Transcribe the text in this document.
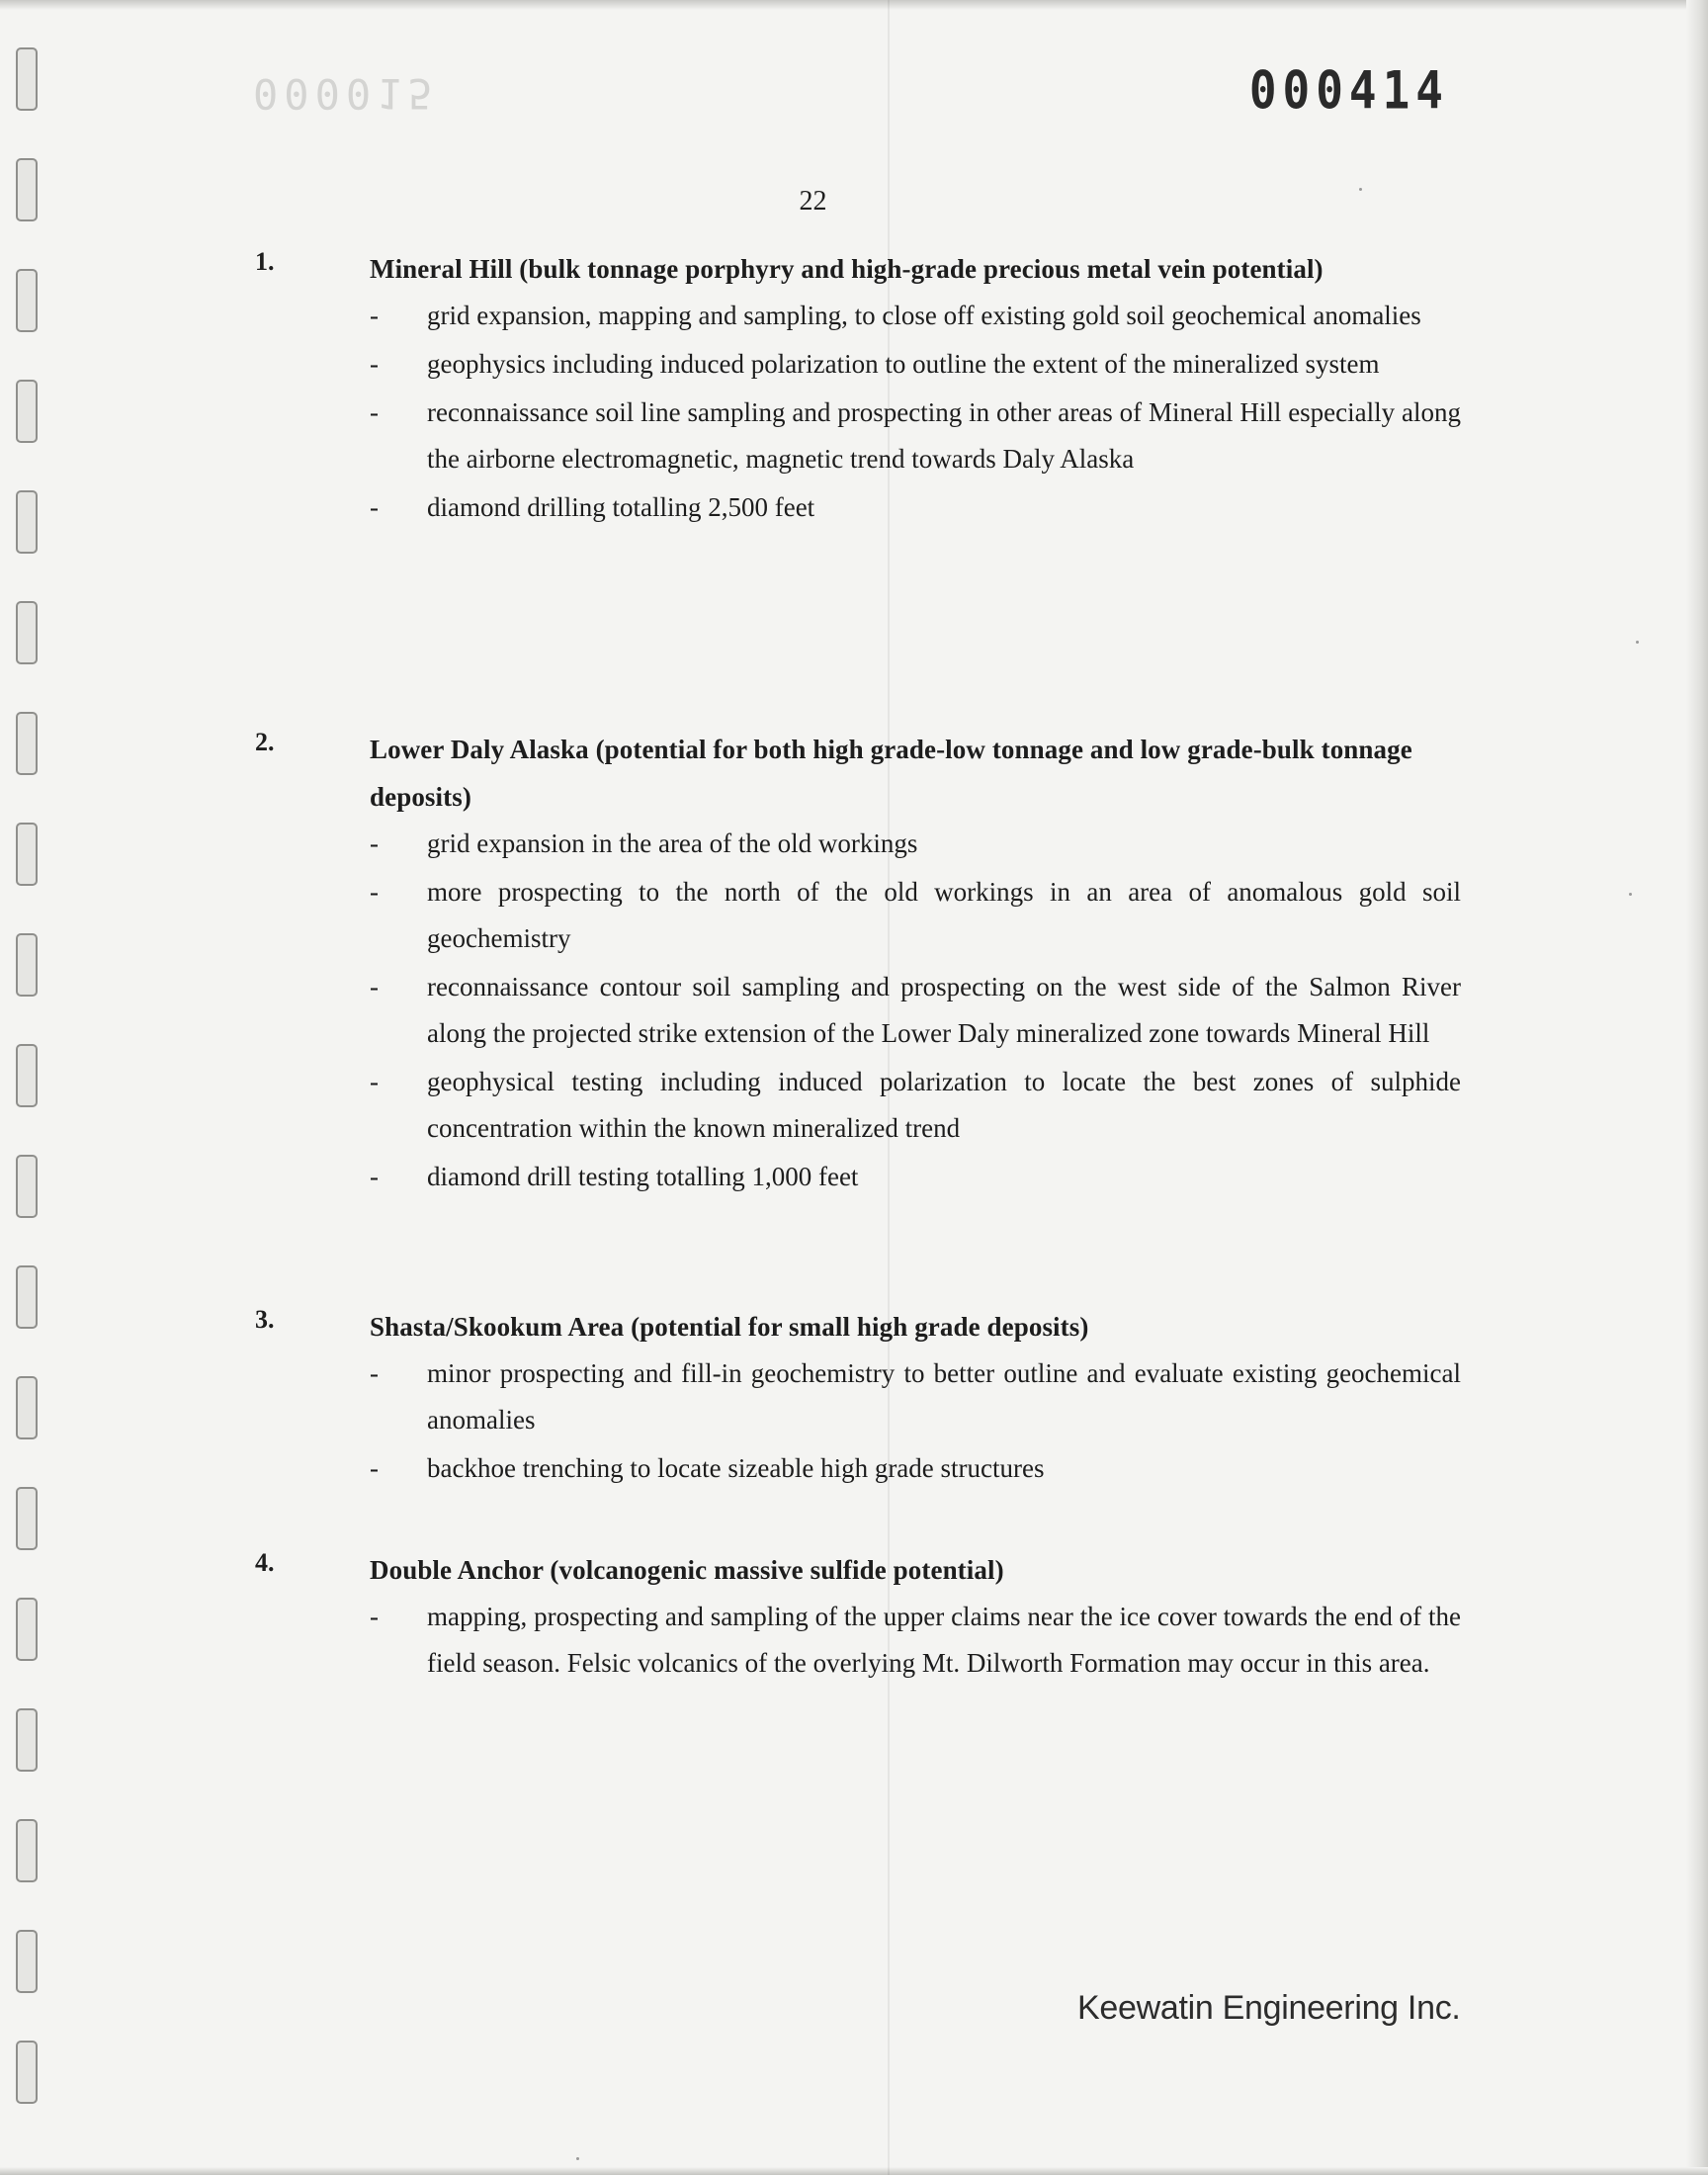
000015	000414
22
1.	Mineral Hill (bulk tonnage porphyry and high-grade precious metal vein potential)
- grid expansion, mapping and sampling, to close off existing gold soil geochemical anomalies
- geophysics including induced polarization to outline the extent of the mineralized system
- reconnaissance soil line sampling and prospecting in other areas of Mineral Hill especially along the airborne electromagnetic, magnetic trend towards Daly Alaska
- diamond drilling totalling 2,500 feet
2.	Lower Daly Alaska (potential for both high grade-low tonnage and low grade-bulk tonnage deposits)
- grid expansion in the area of the old workings
- more prospecting to the north of the old workings in an area of anomalous gold soil geochemistry
- reconnaissance contour soil sampling and prospecting on the west side of the Salmon River along the projected strike extension of the Lower Daly mineralized zone towards Mineral Hill
- geophysical testing including induced polarization to locate the best zones of sulphide concentration within the known mineralized trend
- diamond drill testing totalling 1,000 feet
3.	Shasta/Skookum Area (potential for small high grade deposits)
- minor prospecting and fill-in geochemistry to better outline and evaluate existing geochemical anomalies
- backhoe trenching to locate sizeable high grade structures
4.	Double Anchor (volcanogenic massive sulfide potential)
- mapping, prospecting and sampling of the upper claims near the ice cover towards the end of the field season. Felsic volcanics of the overlying Mt. Dilworth Formation may occur in this area.
Keewatin Engineering Inc.
